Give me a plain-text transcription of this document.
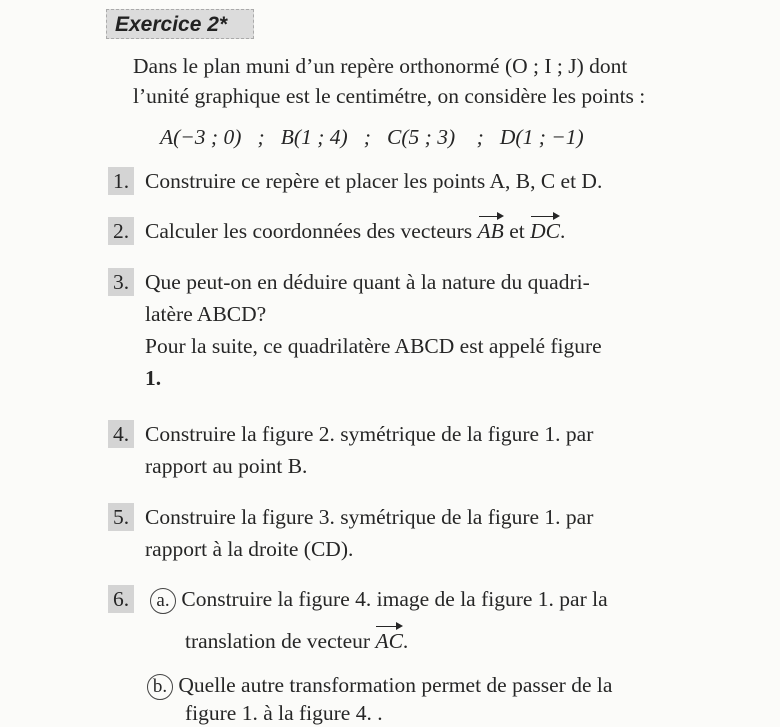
Exercice 2*
Dans le plan muni d’un repère orthonormé (O ; I ; J) dont
l’unité graphique est le centimétre, on considère les points :
A(−3 ; 0)   ;   B(1 ; 4)   ;   C(5 ; 3)    ;   D(1 ; −1)
1. Construire ce repère et placer les points A, B, C et D.
2. Calculer les coordonnées des vecteurs AB et DC.
3. Que peut-on en déduire quant à la nature du quadri-
latère ABCD?
Pour la suite, ce quadrilatère ABCD est appelé figure
1.
4. Construire la figure 2. symétrique de la figure 1. par
rapport au point B.
5. Construire la figure 3. symétrique de la figure 1. par
rapport à la droite (CD).
6.	a. Construire la figure 4. image de la figure 1. par la
translation de vecteur AC.
b. Quelle autre transformation permet de passer de la
figure 1. à la figure 4. .
